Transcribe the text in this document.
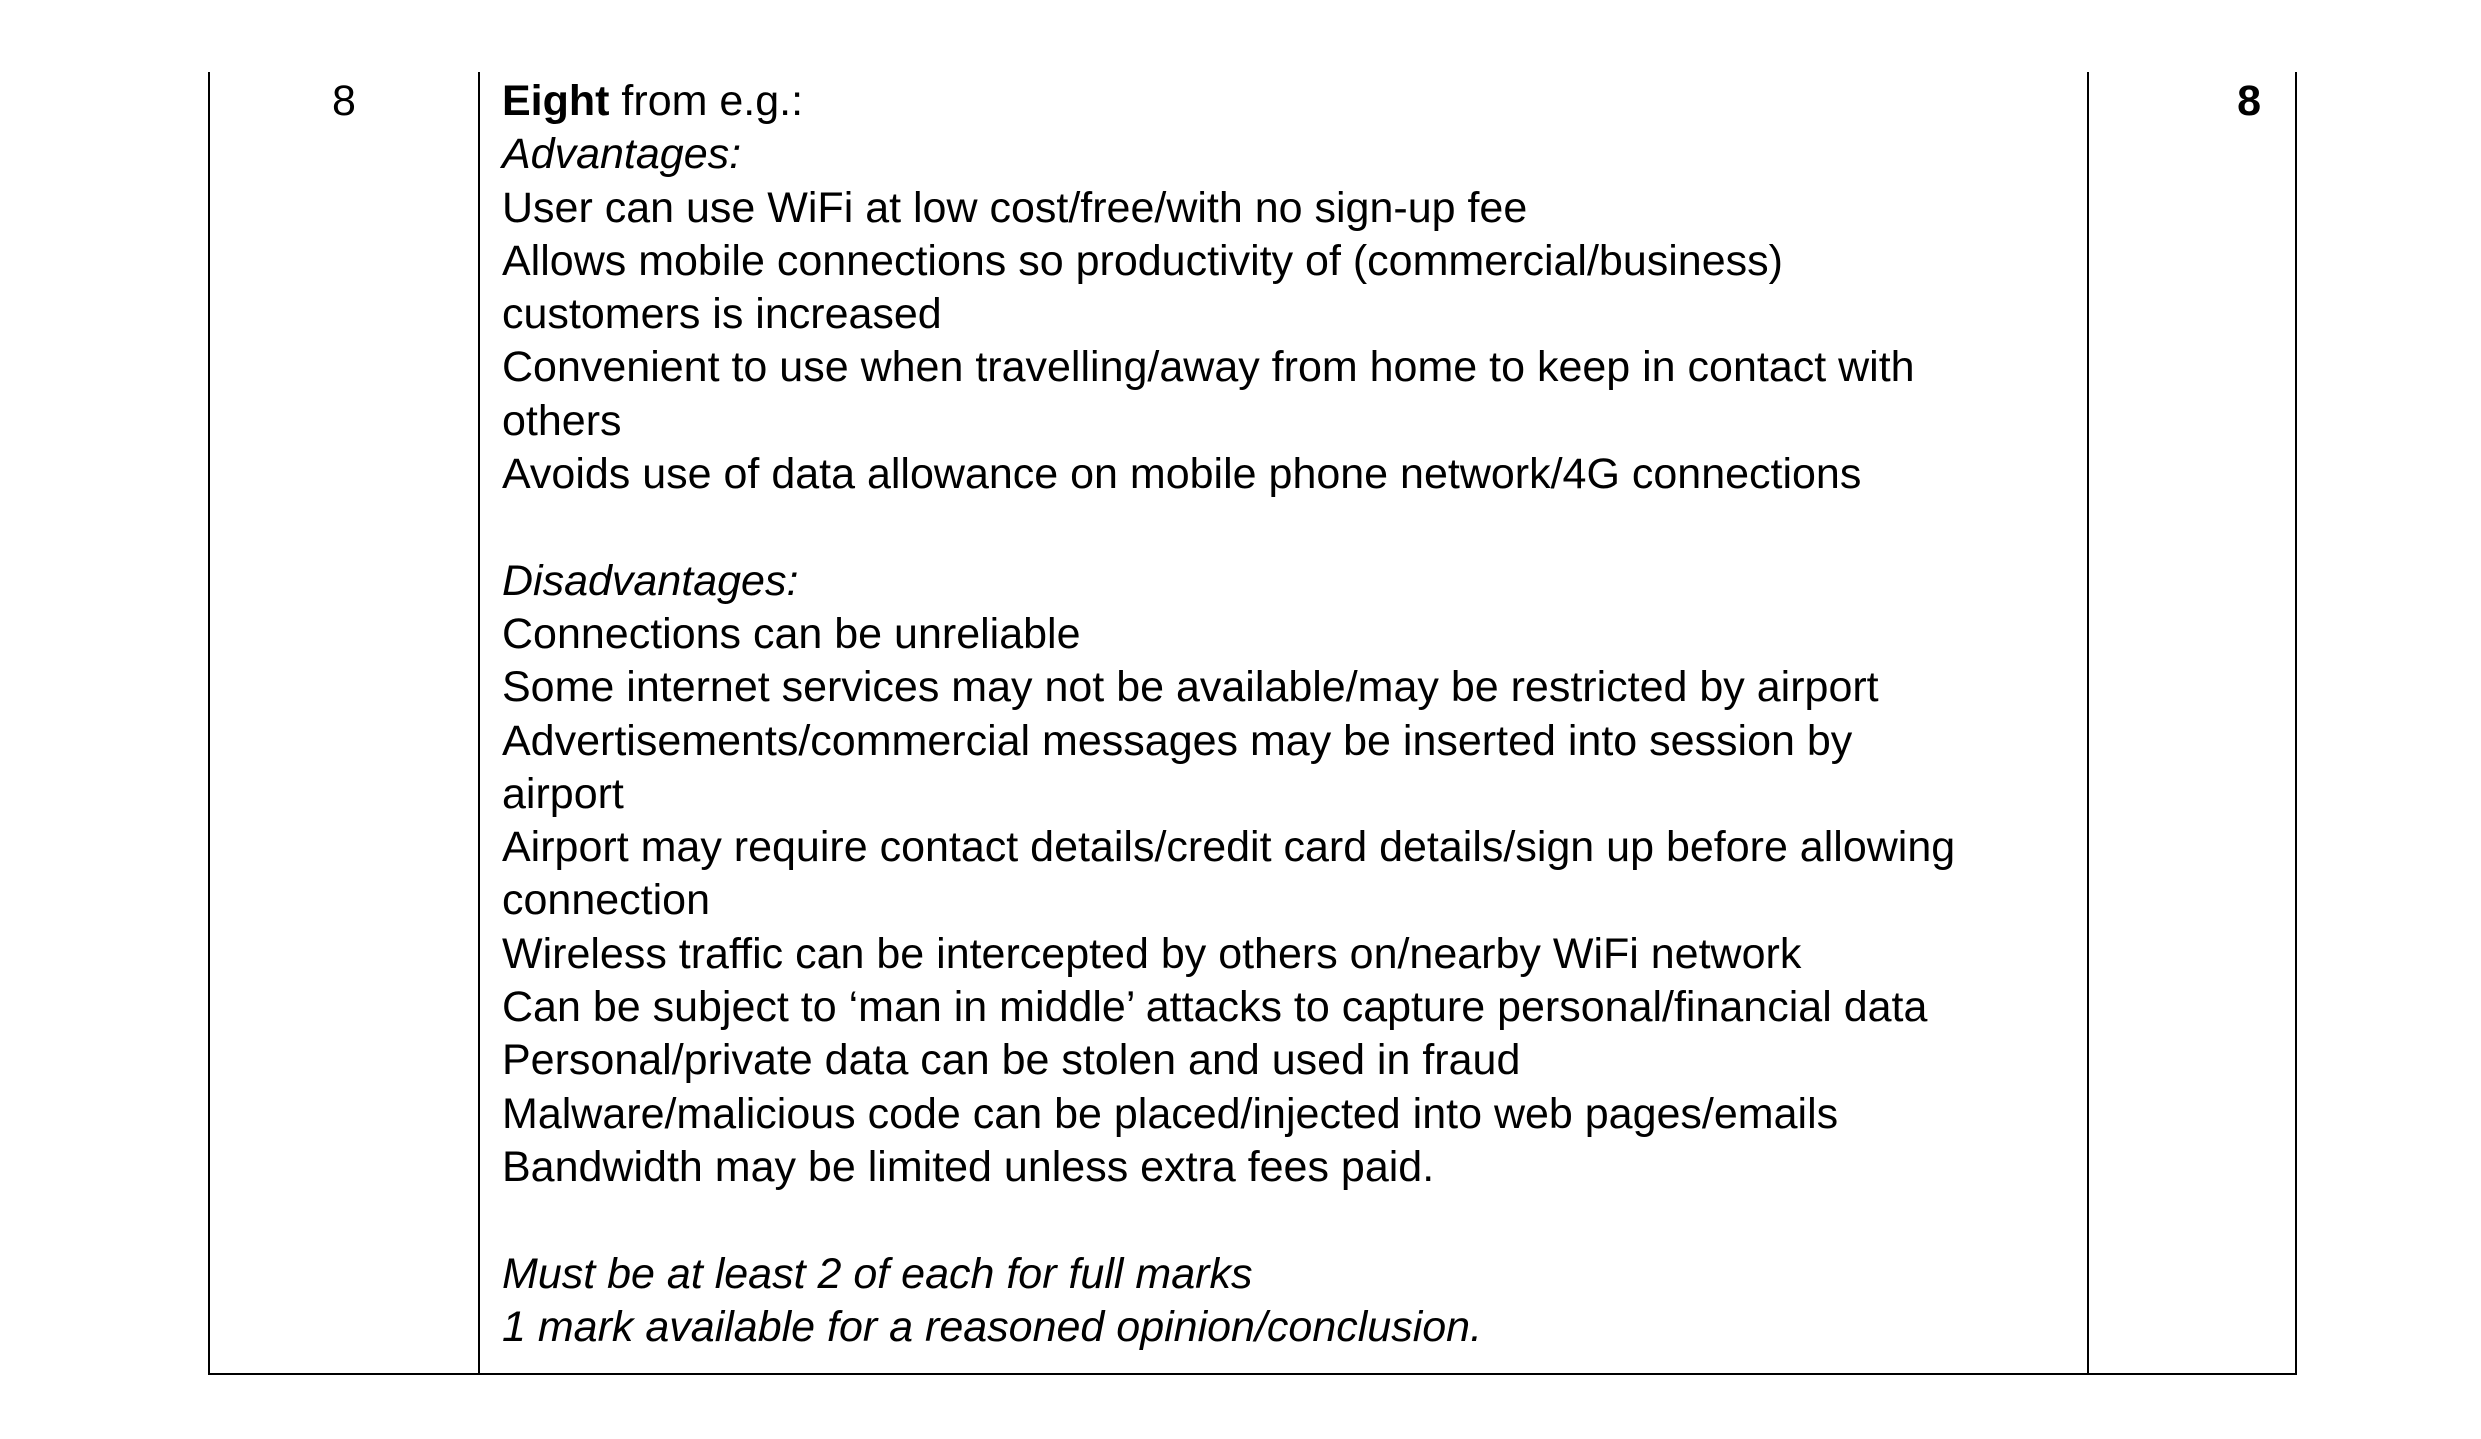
8	Eight from e.g.:
Advantages:
User can use WiFi at low cost/free/with no sign-up fee
Allows mobile connections so productivity of (commercial/business)
customers is increased
Convenient to use when travelling/away from home to keep in contact with
others
Avoids use of data allowance on mobile phone network/4G connections
Disadvantages:
Connections can be unreliable
Some internet services may not be available/may be restricted by airport
Advertisements/commercial messages may be inserted into session by
airport
Airport may require contact details/credit card details/sign up before allowing
connection
Wireless traffic can be intercepted by others on/nearby WiFi network
Can be subject to ‘man in middle’ attacks to capture personal/financial data
Personal/private data can be stolen and used in fraud
Malware/malicious code can be placed/injected into web pages/emails
Bandwidth may be limited unless extra fees paid.
Must be at least 2 of each for full marks
1 mark available for a reasoned opinion/conclusion.
8
